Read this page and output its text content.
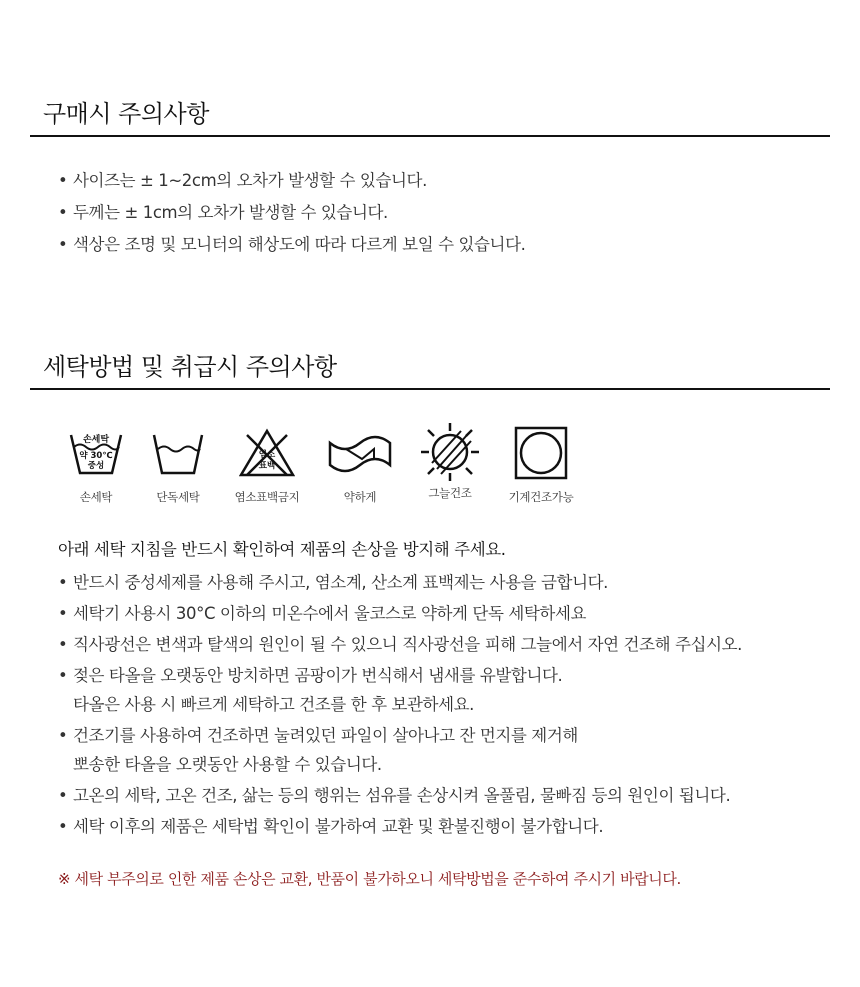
구매시 주의사항
• 사이즈는 ± 1~2cm의 오차가 발생할 수 있습니다.
• 두께는 ± 1cm의 오차가 발생할 수 있습니다.
• 색상은 조명 및 모니터의 해상도에 따라 다르게 보일 수 있습니다.
세탁방법 및 취급시 주의사항
손세탁
약 30℃
중성
손세탁	단독세탁
염소
표백
염소표백금지	약하게	그늘건조	기계건조가능

아래 세탁 지침을 반드시 확인하여 제품의 손상을 방지해 주세요.

• 반드시 중성세제를 사용해 주시고, 염소계, 산소계 표백제는 사용을 금합니다.
• 세탁기 사용시 30°C 이하의 미온수에서 울코스로 약하게 단독 세탁하세요
• 직사광선은 변색과 탈색의 원인이 될 수 있으니 직사광선을 피해 그늘에서 자연 건조해 주십시오.
• 젖은 타올을 오랫동안 방치하면 곰팡이가 번식해서 냄새를 유발합니다.
타올은 사용 시 빠르게 세탁하고 건조를 한 후 보관하세요.
• 건조기를 사용하여 건조하면 눌려있던 파일이 살아나고 잔 먼지를 제거해
뽀송한 타올을 오랫동안 사용할 수 있습니다.
• 고온의 세탁, 고온 건조, 삶는 등의 행위는 섬유를 손상시켜 올풀림, 물빠짐 등의 원인이 됩니다.
• 세탁 이후의 제품은 세탁법 확인이 불가하여 교환 및 환불진행이 불가합니다.

※ 세탁 부주의로 인한 제품 손상은 교환, 반품이 불가하오니 세탁방법을 준수하여 주시기 바랍니다.
